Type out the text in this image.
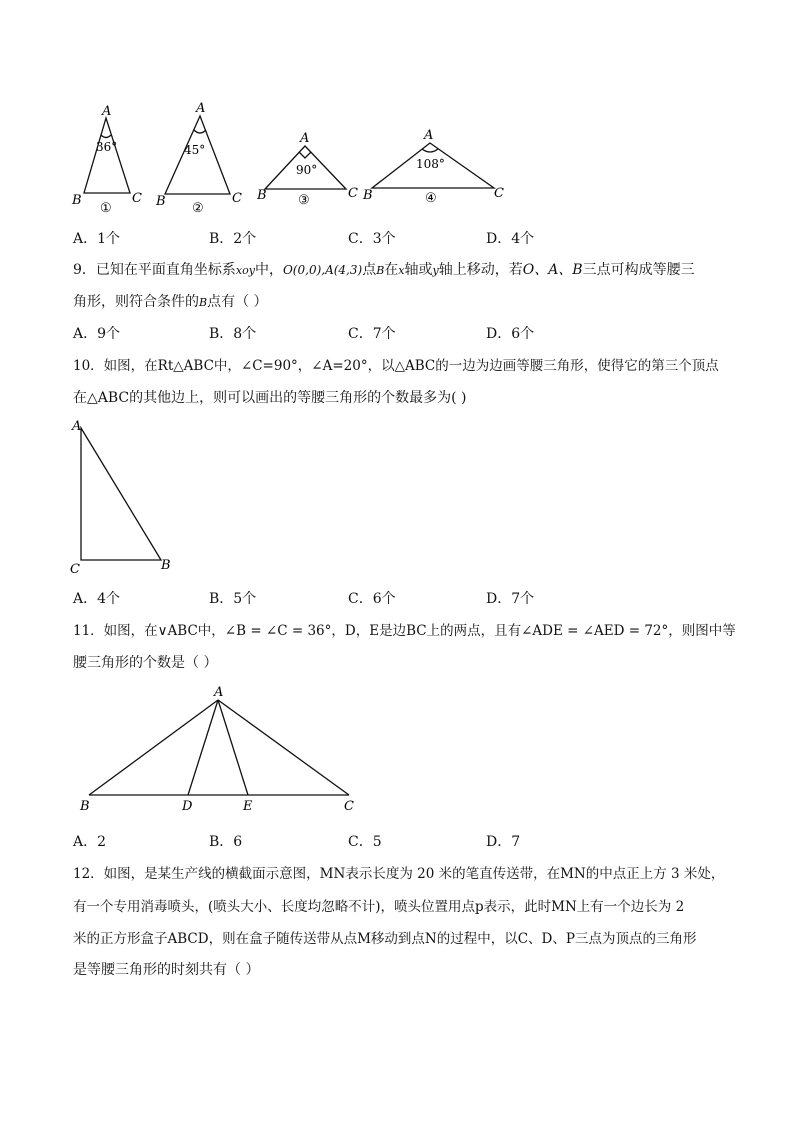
A
36°
B	C
①
A
45°
B	C
②
A
90°
B	C
③
A
108°
B	C
④
A．1个	B．2个	C．3个	D．4个
9．已知在平面直角坐标系xoy中，O(0,0),A(4,3)点B在x轴或y轴上移动，若O、A、B三点可构成等腰三
角形，则符合条件的B点有（ ）
A．9个	B．8个	C．7个	D．6个
10．如图，在Rt△ABC中，∠C=90°，∠A=20°，以△ABC的一边为边画等腰三角形，使得它的第三个顶点
在△ABC的其他边上，则可以画出的等腰三角形的个数最多为( )
A
C	B
A．4个	B．5个	C．6个	D．7个
11．如图，在∨ABC中，∠B = ∠C = 36°，D，E是边BC上的两点，且有∠ADE = ∠AED = 72°，则图中等
腰三角形的个数是（ ）
A
B	D	E	C
A．2	B．6	C．5	D．7
12．如图，是某生产线的横截面示意图，MN表示长度为 20 米的笔直传送带，在MN的中点正上方 3 米处，
有一个专用消毒喷头，(喷头大小、长度均忽略不计)，喷头位置用点p表示，此时MN上有一个边长为 2
米的正方形盒子ABCD，则在盒子随传送带从点M移动到点N的过程中，以C、D、P三点为顶点的三角形
是等腰三角形的时刻共有（ ）
